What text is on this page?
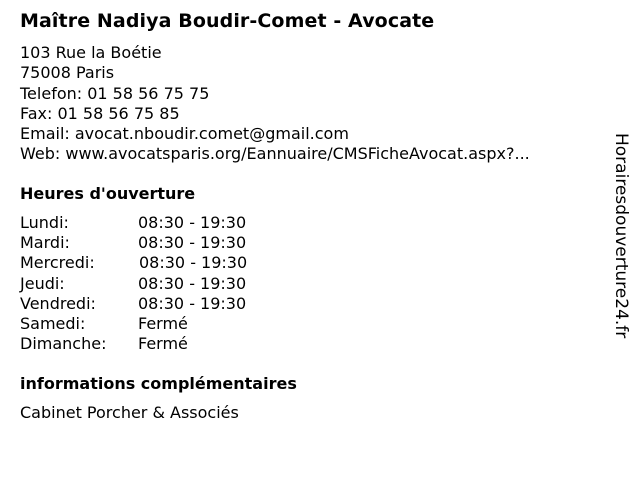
Maître Nadiya Boudir-Comet - Avocate
103 Rue la Boétie
75008 Paris
Telefon: 01 58 56 75 75
Fax: 01 58 56 75 85
Email: avocat.nboudir.comet@gmail.com
Web: www.avocatsparis.org/Eannuaire/CMSFicheAvocat.aspx?...
Heures d'ouverture
Lundi:	08:30 - 19:30
Mardi:	08:30 - 19:30
Mercredi:	08:30 - 19:30
Jeudi:	08:30 - 19:30
Vendredi:	08:30 - 19:30
Samedi:	Fermé
Dimanche: Fermé
informations complémentaires
Cabinet Porcher & Associés
Horairesdouverture24.fr
